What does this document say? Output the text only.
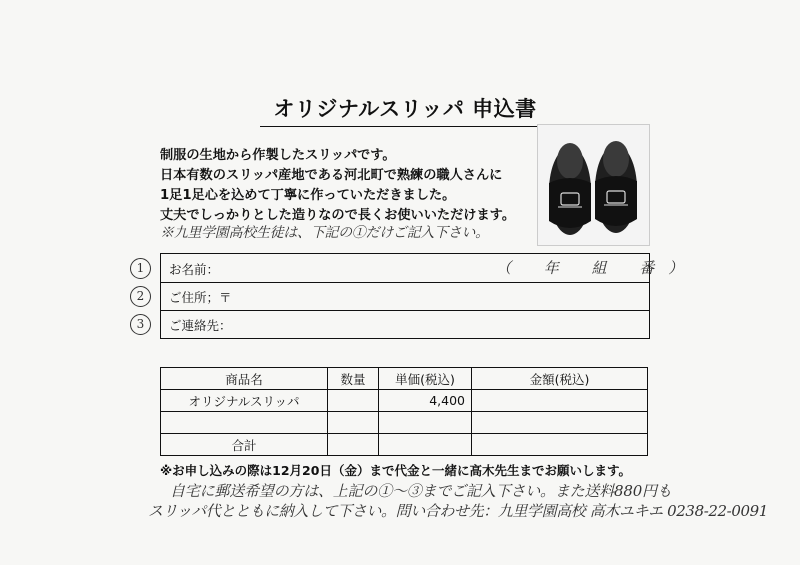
オリジナルスリッパ 申込書
制服の生地から作製したスリッパです。
日本有数のスリッパ産地である河北町で熟練の職人さんに
1足1足心を込めて丁寧に作っていただきました。
丈夫でしっかりとした造りなので長くお使いいただけます。
※九里学園高校生徒は、下記の①だけご記入下さい。
1	お名前：	（ 年 組 番）
2	ご住所；〒
3	ご連絡先：
商品名	数量	単価(税込)	金額(税込)
オリジナルスリッパ		4,400	

合計			
※お申し込みの際は12月20日（金）まで代金と一緒に高木先生までお願いします。
自宅に郵送希望の方は、上記の①～③までご記入下さい。また送料880円も
スリッパ代とともに納入して下さい。問い合わせ先：九里学園高校 高木ユキエ 0238-22-0091
